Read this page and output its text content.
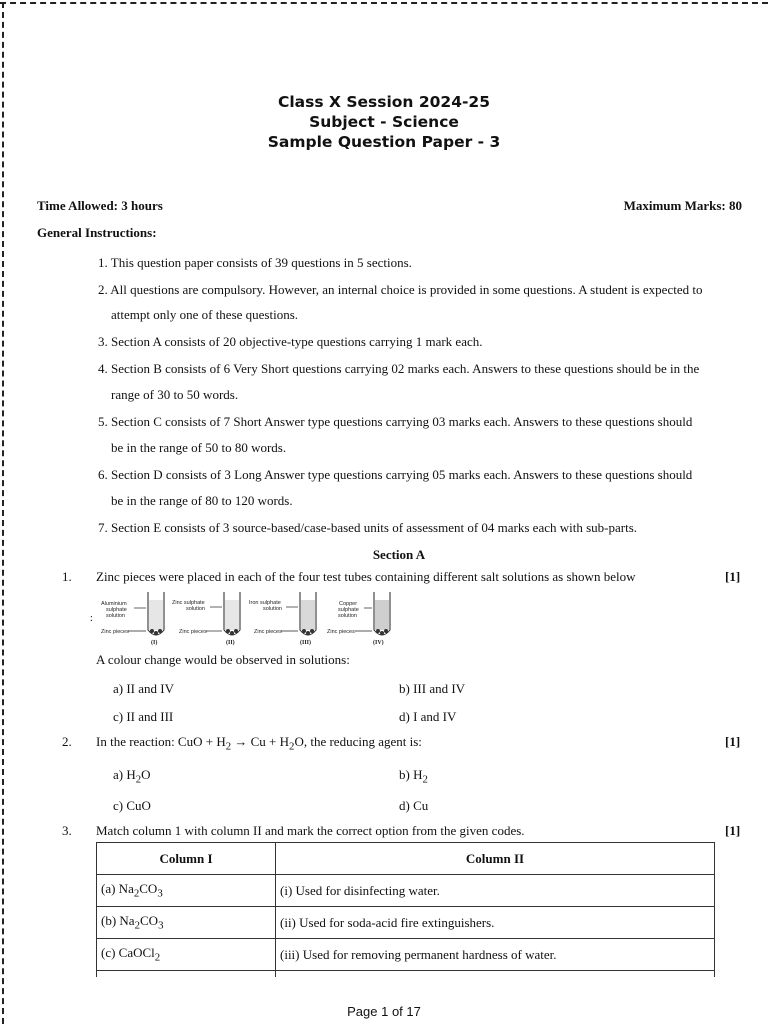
Class X Session 2024-25
Subject - Science
Sample Question Paper - 3
Time Allowed: 3 hours	Maximum Marks: 80
General Instructions:
1. This question paper consists of 39 questions in 5 sections.
2. All questions are compulsory. However, an internal choice is provided in some questions. A student is expected to
attempt only one of these questions.
3. Section A consists of 20 objective-type questions carrying 1 mark each.
4. Section B consists of 6 Very Short questions carrying 02 marks each. Answers to these questions should be in the
range of 30 to 50 words.
5. Section C consists of 7 Short Answer type questions carrying 03 marks each. Answers to these questions should
be in the range of 50 to 80 words.
6. Section D consists of 3 Long Answer type questions carrying 05 marks each. Answers to these questions should
be in the range of 80 to 120 words.
7. Section E consists of 3 source-based/case-based units of assessment of 04 marks each with sub-parts.
Section A
1. Zinc pieces were placed in each of the four test tubes containing different salt solutions as shown below	[1]
:
Aluminium
sulphate
solution
Zinc pieces
(I)
Zinc sulphate
solution
Zinc pieces
(II)
Iron sulphate
solution
Zinc pieces
(III)
Copper
sulphate
solution
Zinc pieces
(IV)
A colour change would be observed in solutions:
a) II and IV	b) III and IV
c) II and III	d) I and IV
2. In the reaction: CuO + $H_2 \to Cu + H_2O$, the reducing agent is:	[1]
a) $H_2O$	b) $H_2$
c) CuO	d) Cu
3. Match column 1 with column II and mark the correct option from the given codes.	[1]
Column I	Column II
(a) $Na_2CO_3$	(i) Used for disinfecting water.
(b) $Na_2CO_3$	(ii) Used for soda-acid fire extinguishers.
(c) CaOCl$_2$	(iii) Used for removing permanent hardness of water.

Page 1 of 17
